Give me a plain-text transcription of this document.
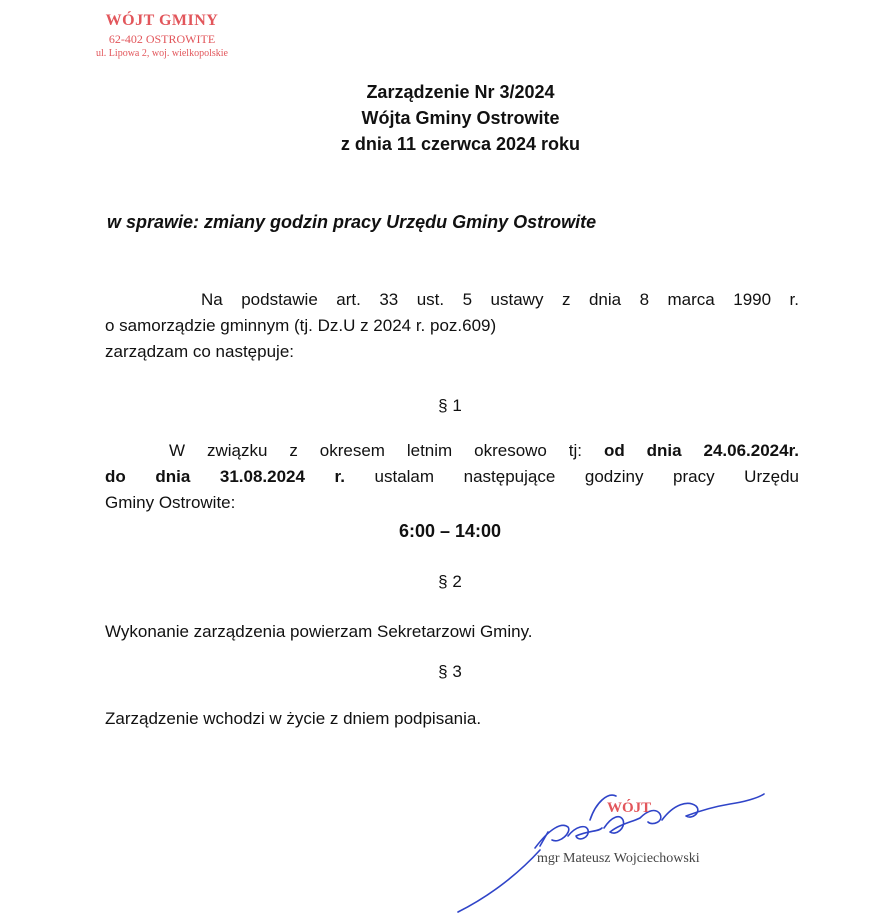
WÓJT GMINY
62-402 OSTROWITE
ul. Lipowa 2, woj. wielkopolskie
Zarządzenie Nr 3/2024
Wójta Gminy Ostrowite
z dnia 11 czerwca 2024 roku
w sprawie: zmiany godzin pracy Urzędu Gminy Ostrowite
Na podstawie art. 33 ust. 5 ustawy z dnia 8 marca 1990 r.
o samorządzie gminnym (tj. Dz.U z 2024 r. poz.609)
zarządzam co następuje:
§ 1
W związku z okresem letnim okresowo tj: od dnia 24.06.2024r.
do dnia 31.08.2024 r. ustalam następujące godziny pracy Urzędu
Gminy Ostrowite:
6:00 – 14:00
§ 2
Wykonanie zarządzenia powierzam Sekretarzowi Gminy.
§ 3
Zarządzenie wchodzi w życie z dniem podpisania.
WÓJT
mgr Mateusz Wojciechowski
